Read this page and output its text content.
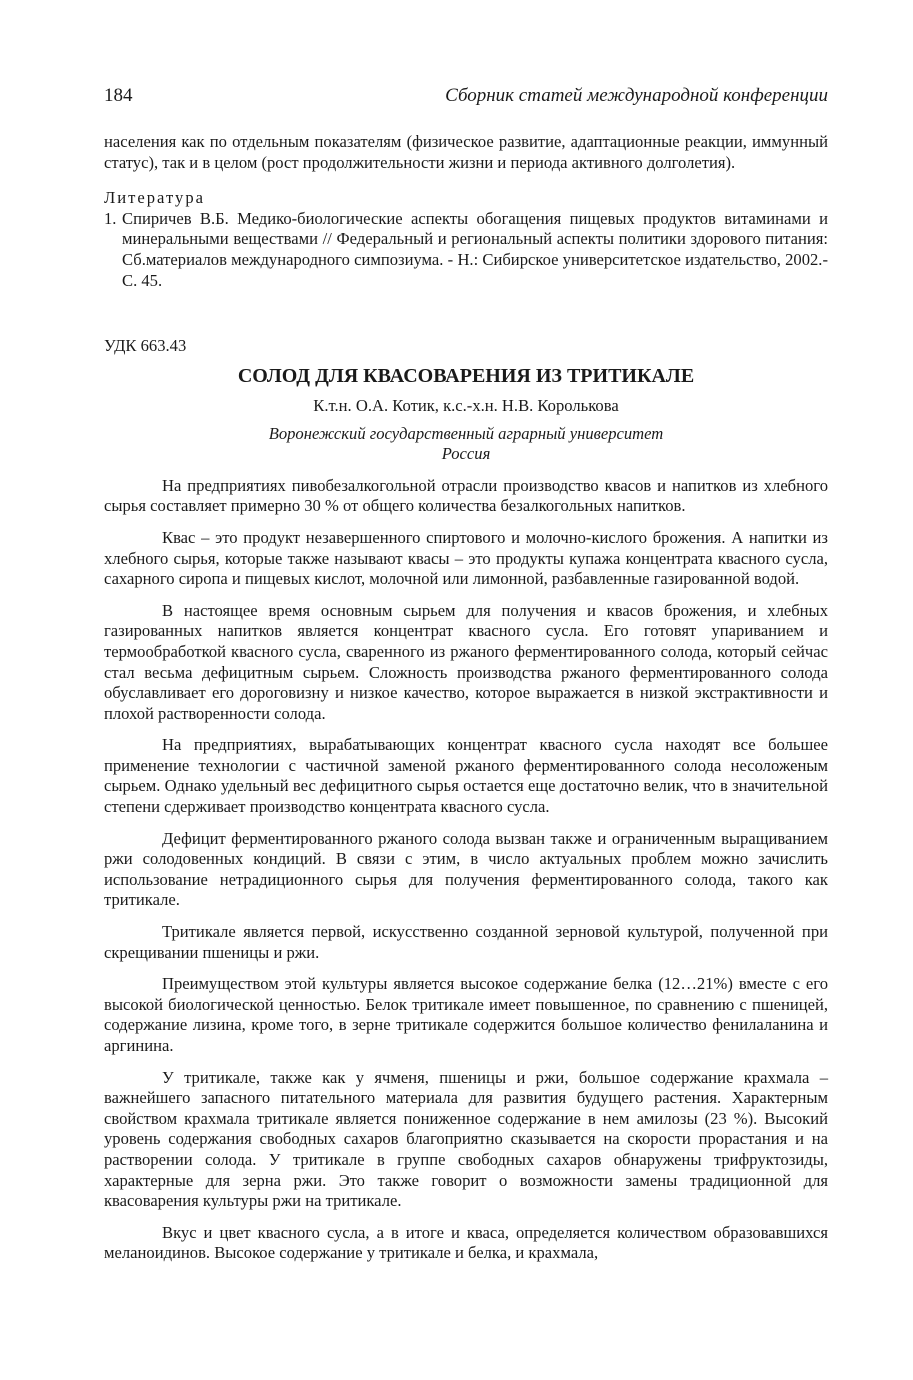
184	Сборник статей международной конференции

населения как по отдельным показателям (физическое развитие, адаптационные реакции, иммунный статус), так и в целом (рост продолжительности жизни и периода активного долголетия).

Литература
1. Спиричев В.Б. Медико-биологические аспекты обогащения пищевых продуктов витаминами и минеральными веществами // Федеральный и региональный аспекты политики здорового питания: Сб.материалов международного симпозиума. - Н.: Сибирское университетское издательство, 2002.- С. 45.
УДК 663.43
СОЛОД ДЛЯ КВАСОВАРЕНИЯ ИЗ ТРИТИКАЛЕ
К.т.н. О.А. Котик, к.с.-х.н. Н.В. Королькова
Воронежский государственный аграрный университет
Россия

На предприятиях пивобезалкогольной отрасли производство квасов и напитков из хлебного сырья составляет примерно 30 % от общего количества безалкогольных напитков.

Квас – это продукт незавершенного спиртового и молочно-кислого брожения. А напитки из хлебного сырья, которые также называют квасы – это продукты купажа концентрата квасного сусла, сахарного сиропа и пищевых кислот, молочной или лимонной, разбавленные газированной водой.

В настоящее время основным сырьем для получения и квасов брожения, и хлебных газированных напитков является концентрат квасного сусла. Его готовят упариванием и термообработкой квасного сусла, сваренного из ржаного ферментированного солода, который сейчас стал весьма дефицитным сырьем. Сложность производства ржаного ферментированного солода обуславливает его дороговизну и низкое качество, которое выражается в низкой экстрактивности и плохой растворенности солода.

На предприятиях, вырабатывающих концентрат квасного сусла находят все большее применение технологии с частичной заменой ржаного ферментированного солода несоложеным сырьем. Однако удельный вес дефицитного сырья остается еще достаточно велик, что в значительной степени сдерживает производство концентрата квасного сусла.

Дефицит ферментированного ржаного солода вызван также и ограниченным выращиванием ржи солодовенных кондиций. В связи с этим, в число актуальных проблем можно зачислить использование нетрадиционного сырья для получения ферментированного солода, такого как тритикале.

Тритикале является первой, искусственно созданной зерновой культурой, полученной при скрещивании пшеницы и ржи.

Преимуществом этой культуры является высокое содержание белка (12…21%) вместе с его высокой биологической ценностью. Белок тритикале имеет повышенное, по сравнению с пшеницей, содержание лизина, кроме того, в зерне тритикале содержится большое количество фенилаланина и аргинина.

У тритикале, также как у ячменя, пшеницы и ржи, большое содержание крахмала – важнейшего запасного питательного материала для развития будущего растения. Характерным свойством крахмала тритикале является пониженное содержание в нем амилозы (23 %). Высокий уровень содержания свободных сахаров благоприятно сказывается на скорости прорастания и на растворении солода. У тритикале в группе свободных сахаров обнаружены трифруктозиды, характерные для зерна ржи. Это также говорит о возможности замены традиционной для квасоварения культуры ржи на тритикале.

Вкус и цвет квасного сусла, а в итоге и кваса, определяется количеством образовавшихся меланоидинов. Высокое содержание у тритикале и белка, и крахмала,
